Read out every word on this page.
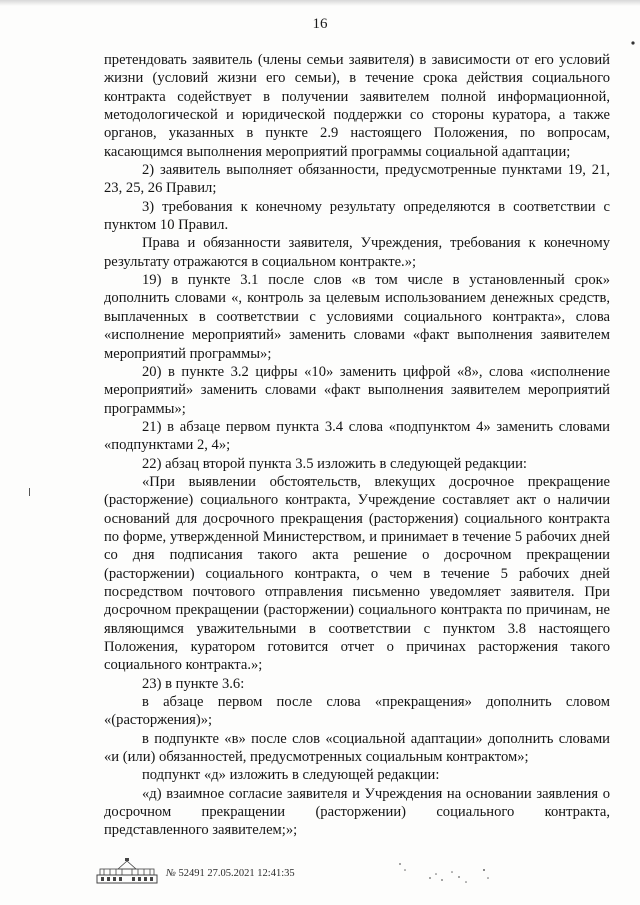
16

претендовать заявитель (члены семьи заявителя) в зависимости от его условий жизни (условий жизни его семьи), в течение срока действия социального контракта содействует в получении заявителем полной информационной, методологической и юридической поддержки со стороны куратора, а также органов, указанных в пункте 2.9 настоящего Положения, по вопросам, касающимся выполнения мероприятий программы социальной адаптации;

2) заявитель выполняет обязанности, предусмотренные пунктами 19, 21, 23, 25, 26 Правил;

3) требования к конечному результату определяются в соответствии с пунктом 10 Правил.

Права и обязанности заявителя, Учреждения, требования к конечному результату отражаются в социальном контракте.»;

19) в пункте 3.1 после слов «в том числе в установленный срок» дополнить словами «, контроль за целевым использованием денежных средств, выплаченных в соответствии с условиями социального контракта», слова «исполнение мероприятий» заменить словами «факт выполнения заявителем мероприятий программы»;

20) в пункте 3.2 цифры «10» заменить цифрой «8», слова «исполнение мероприятий» заменить словами «факт выполнения заявителем мероприятий программы»;

21) в абзаце первом пункта 3.4 слова «подпунктом 4» заменить словами «подпунктами 2, 4»;

22) абзац второй пункта 3.5 изложить в следующей редакции:

«При выявлении обстоятельств, влекущих досрочное прекращение (расторжение) социального контракта, Учреждение составляет акт о наличии оснований для досрочного прекращения (расторжения) социального контракта по форме, утвержденной Министерством, и принимает в течение 5 рабочих дней со дня подписания такого акта решение о досрочном прекращении (расторжении) социального контракта, о чем в течение 5 рабочих дней посредством почтового отправления письменно уведомляет заявителя. При досрочном прекращении (расторжении) социального контракта по причинам, не являющимся уважительными в соответствии с пунктом 3.8 настоящего Положения, куратором готовится отчет о причинах расторжения такого социального контракта.»;

23) в пункте 3.6:

в абзаце первом после слова «прекращения» дополнить словом «(расторжения)»;

в подпункте «в» после слов «социальной адаптации» дополнить словами «и (или) обязанностей, предусмотренных социальным контрактом»;

подпункт «д» изложить в следующей редакции:

«д) взаимное согласие заявителя и Учреждения на основании заявления о досрочном прекращении (расторжении) социального контракта, представленного заявителем;»;

№ 52491 27.05.2021 12:41:35
